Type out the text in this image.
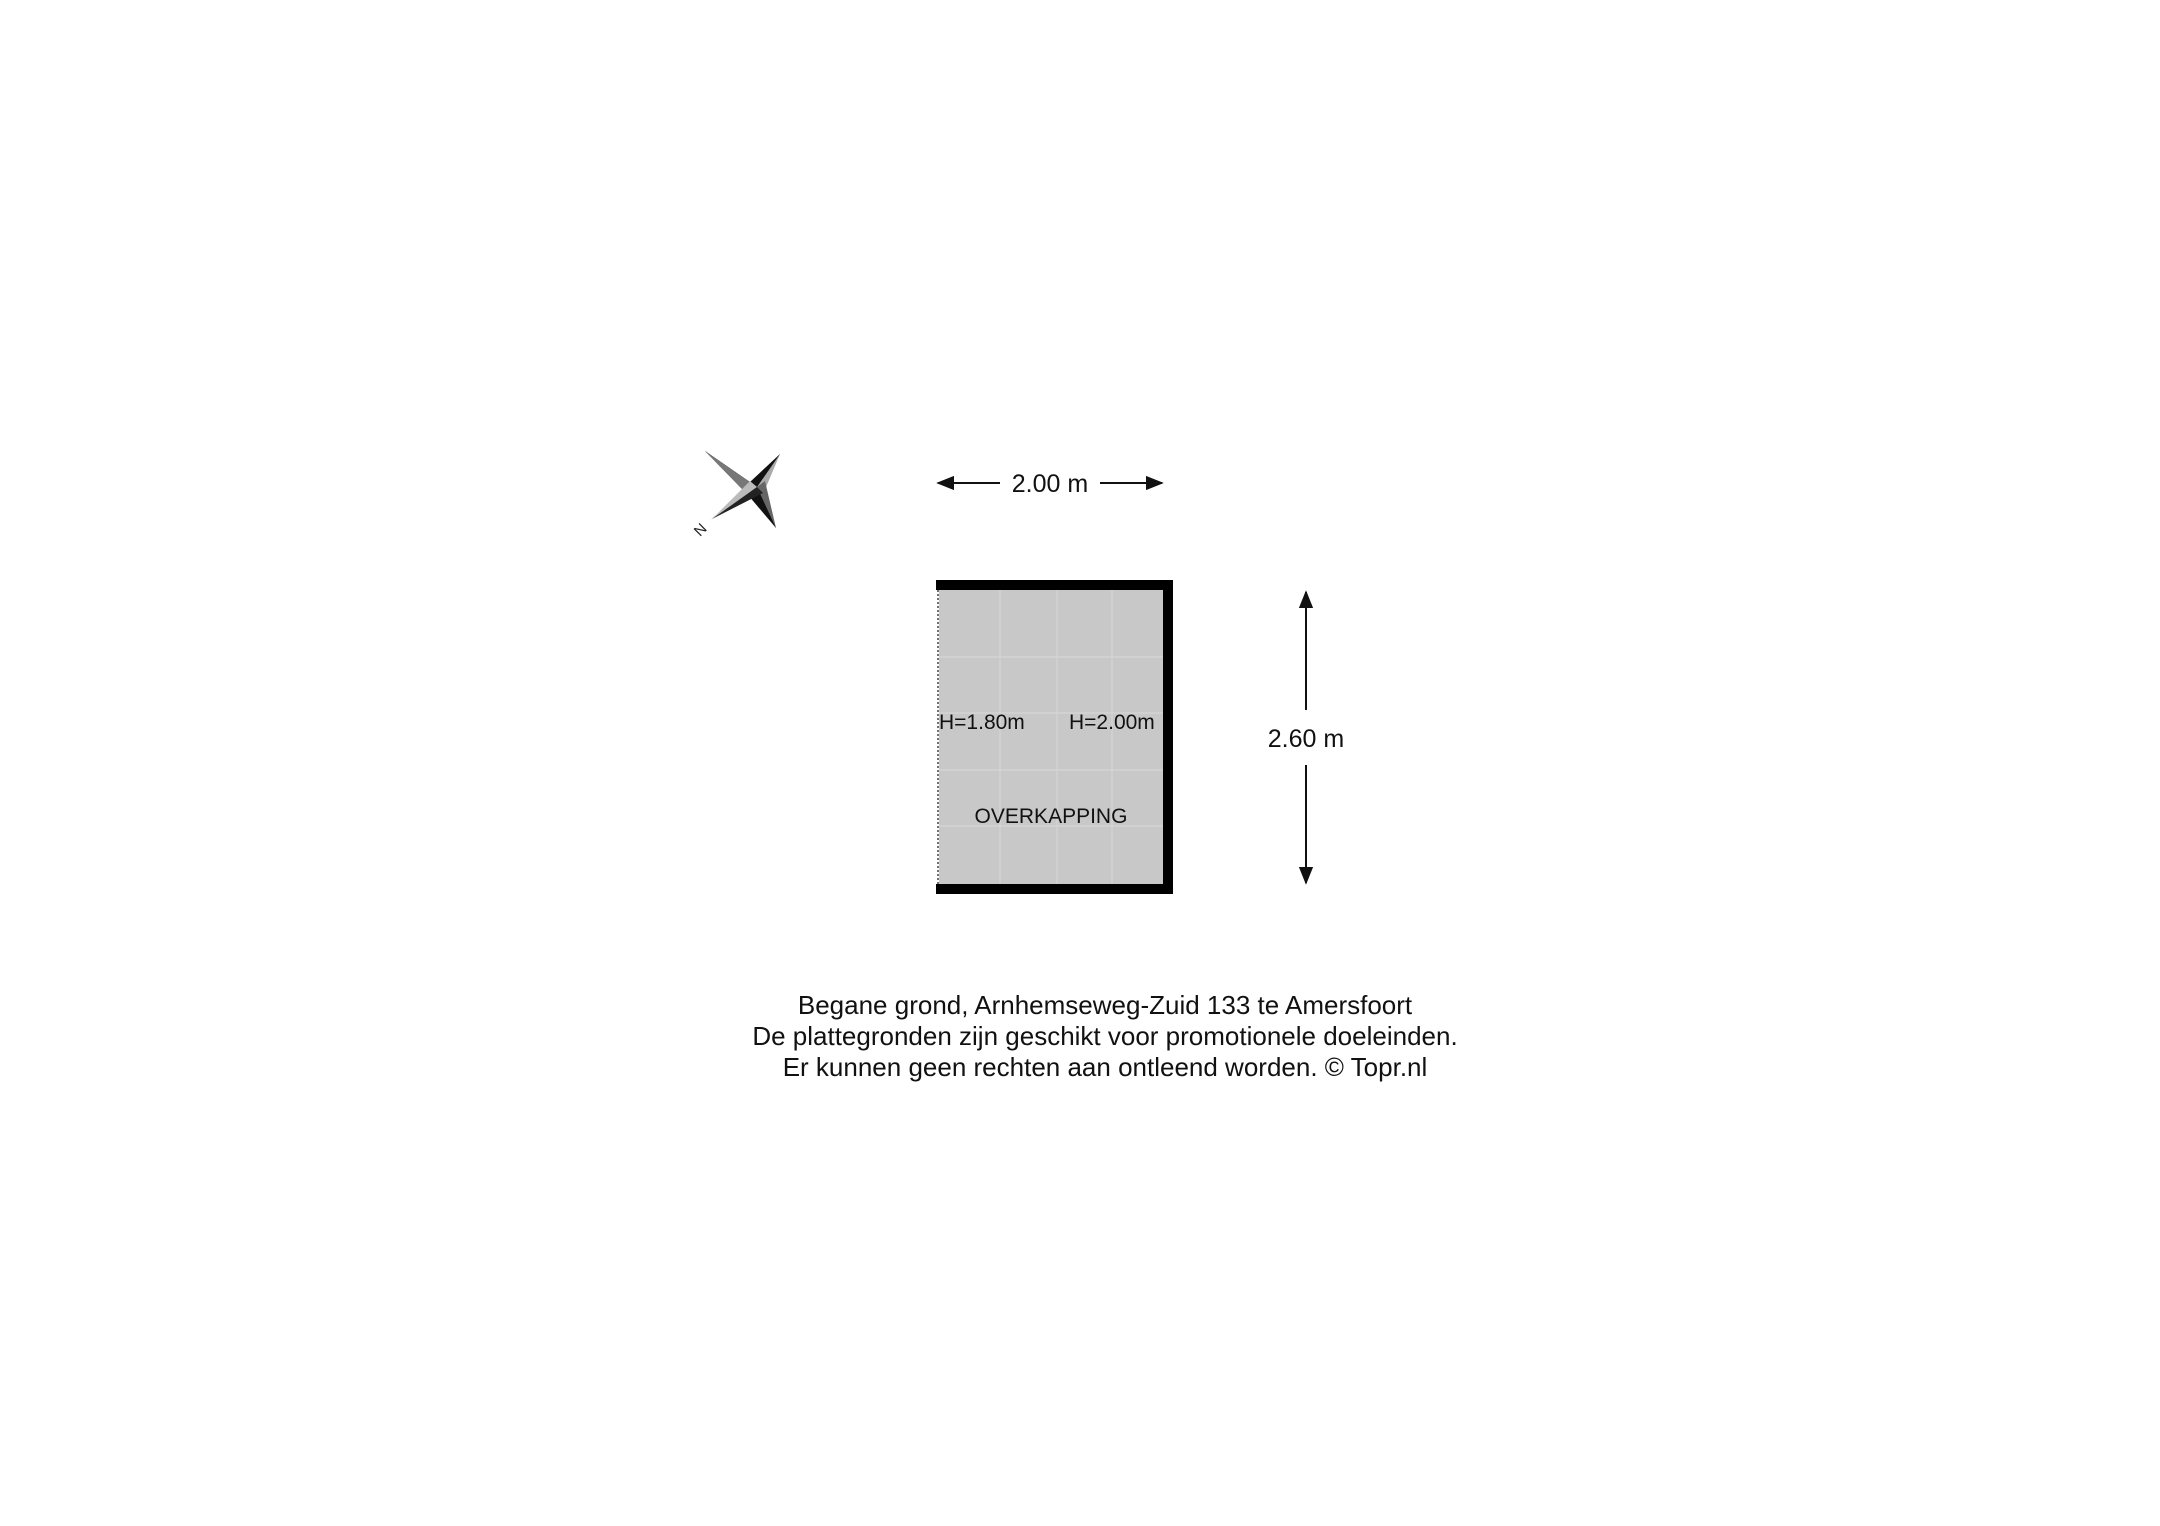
N
2.00 m
2.60 m
H=1.80m H=2.00m
OVERKAPPING
Begane grond, Arnhemseweg-Zuid 133 te Amersfoort
De plattegronden zijn geschikt voor promotionele doeleinden.
Er kunnen geen rechten aan ontleend worden. © Topr.nl
